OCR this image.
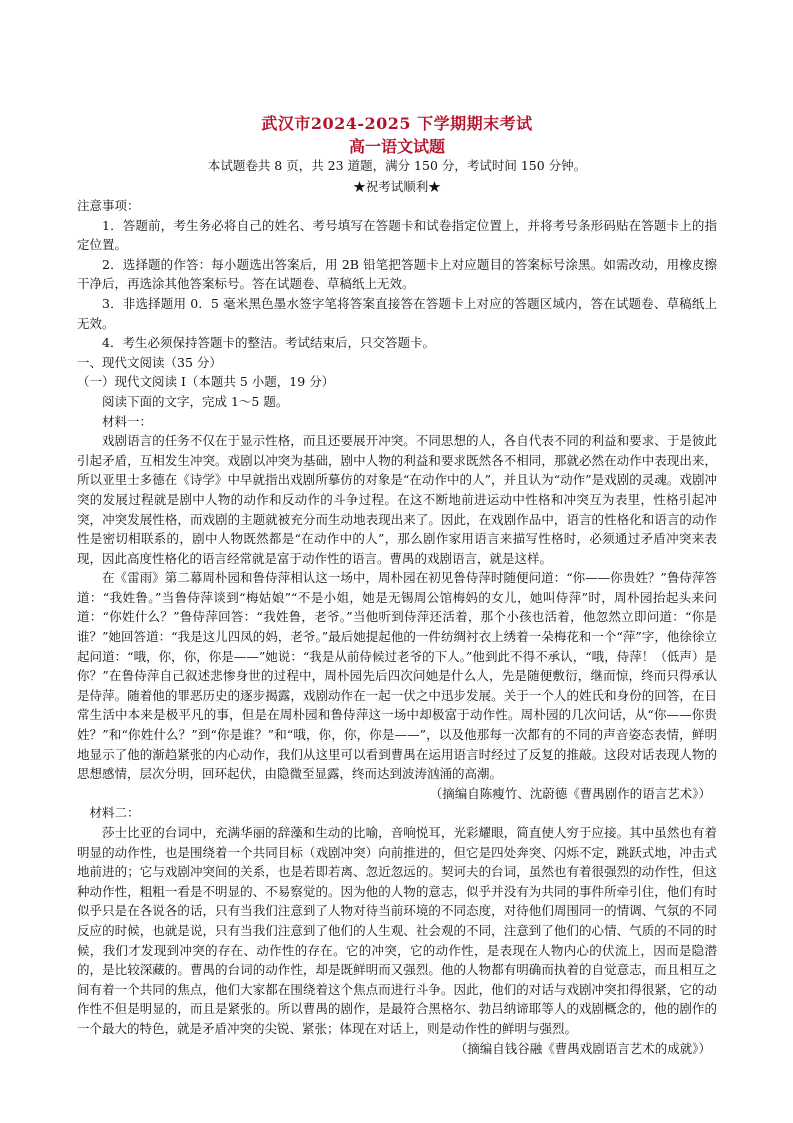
武汉市2024-2025 下学期期末考试
高一语文试题
本试题卷共 8 页，共 23 道题，满分 150 分，考试时间 150 分钟。
★祝考试顺利★

注意事项：

1．答题前，考生务必将自己的姓名、考号填写在答题卡和试卷指定位置上，并将考号条形码贴在答题卡上的指定位置。

2．选择题的作答：每小题选出答案后，用 2B 铅笔把答题卡上对应题目的答案标号涂黑。如需改动，用橡皮擦干净后，再选涂其他答案标号。答在试题卷、草稿纸上无效。

3．非选择题用 0．5 毫米黑色墨水签字笔将答案直接答在答题卡上对应的答题区域内，答在试题卷、草稿纸上无效。

4．考生必须保持答题卡的整洁。考试结束后，只交答题卡。

一、现代文阅读（35 分）

（一）现代文阅读 I（本题共 5 小题，19 分）

阅读下面的文字，完成 1～5 题。

材料一：

戏剧语言的任务不仅在于显示性格，而且还要展开冲突。不同思想的人，各自代表不同的利益和要求、于是彼此引起矛盾，互相发生冲突。戏剧以冲突为基础，剧中人物的利益和要求既然各不相同，那就必然在动作中表现出来，所以亚里士多德在《诗学》中早就指出戏剧所摹仿的对象是“在动作中的人”，并且认为“动作”是戏剧的灵魂。戏剧冲突的发展过程就是剧中人物的动作和反动作的斗争过程。在这不断地前进运动中性格和冲突互为表里，性格引起冲突，冲突发展性格，而戏剧的主题就被充分而生动地表现出来了。因此，在戏剧作品中，语言的性格化和语言的动作性是密切相联系的，剧中人物既然都是“在动作中的人”，那么剧作家用语言来描写性格时，必须通过矛盾冲突来表现，因此高度性格化的语言经常就是富于动作性的语言。曹禺的戏剧语言，就是这样。

在《雷雨》第二幕周朴园和鲁侍萍相认这一场中，周朴园在初见鲁侍萍时随便问道：“你——你贵姓？”鲁侍萍答道：“我姓鲁。”当鲁侍萍谈到“梅姑娘”“不是小姐，她是无锡周公馆梅妈的女儿，她叫侍萍”时，周朴园抬起头来问道：“你姓什么？”鲁侍萍回答：“我姓鲁，老爷。”当他听到侍萍还活着，那个小孩也活着，他忽然立即问道：“你是谁？”她回答道：“我是这儿四凤的妈，老爷。”最后她提起他的一件纺绸衬衣上绣着一朵梅花和一个“萍”字，他徐徐立起问道：“哦，你，你，你是——”她说：“我是从前侍候过老爷的下人。”他到此不得不承认，“哦，侍萍！（低声）是你？”在鲁侍萍自己叙述悲惨身世的过程中，周朴园先后四次问她是什么人，先是随便敷衍，继而惊，终而只得承认是侍萍。随着他的罪恶历史的逐步揭露，戏剧动作在一起一伏之中迅步发展。关于一个人的姓氏和身份的回答，在日常生活中本来是极平凡的事，但是在周朴园和鲁侍萍这一场中却极富于动作性。周朴园的几次问话，从“你——你贵姓？”和“你姓什么？”到“你是谁？”和“哦，你，你，你是——”，以及他那每一次都有的不同的声音姿态表情，鲜明地显示了他的渐趋紧张的内心动作，我们从这里可以看到曹禺在运用语言时经过了反复的推敲。这段对话表现人物的思想感情，层次分明，回环起伏，由隐微至显露，终而达到波涛汹涌的高潮。

（摘编自陈瘦竹、沈蔚德《曹禺剧作的语言艺术》）

材料二：

莎士比亚的台词中，充满华丽的辞藻和生动的比喻，音响悦耳，光彩耀眼，简直使人穷于应接。其中虽然也有着明显的动作性，也是围绕着一个共同目标（戏剧冲突）向前推进的，但它是四处奔突、闪烁不定，跳跃式地，冲击式地前进的；它与戏剧冲突间的关系，也是若即若离、忽近忽远的。契诃夫的台词，虽然也有着很强烈的动作性，但这种动作性，粗粗一看是不明显的、不易察觉的。因为他的人物的意志，似乎并没有为共同的事件所牵引住，他们有时似乎只是在各说各的话，只有当我们注意到了人物对待当前环境的不同态度，对待他们周围同一的情调、气氛的不同反应的时候，也就是说，只有当我们注意到了他们的人生观、社会观的不同，注意到了他们的心情、气质的不同的时候，我们才发现到冲突的存在、动作性的存在。它的冲突，它的动作性，是表现在人物内心的伏流上，因而是隐潜的，是比较深藏的。曹禺的台词的动作性，却是既鲜明而又强烈。他的人物都有明确而执着的自觉意志，而且相互之间有着一个共同的焦点，他们大家都在围绕着这个焦点而进行斗争。因此，他们的对话与戏剧冲突扣得很紧，它的动作性不但是明显的，而且是紧张的。所以曹禺的剧作，是最符合黑格尔、勃吕纳谛耶等人的戏剧概念的，他的剧作的一个最大的特色，就是矛盾冲突的尖锐、紧张；体现在对话上，则是动作性的鲜明与强烈。

（摘编自钱谷融《曹禺戏剧语言艺术的成就》）
